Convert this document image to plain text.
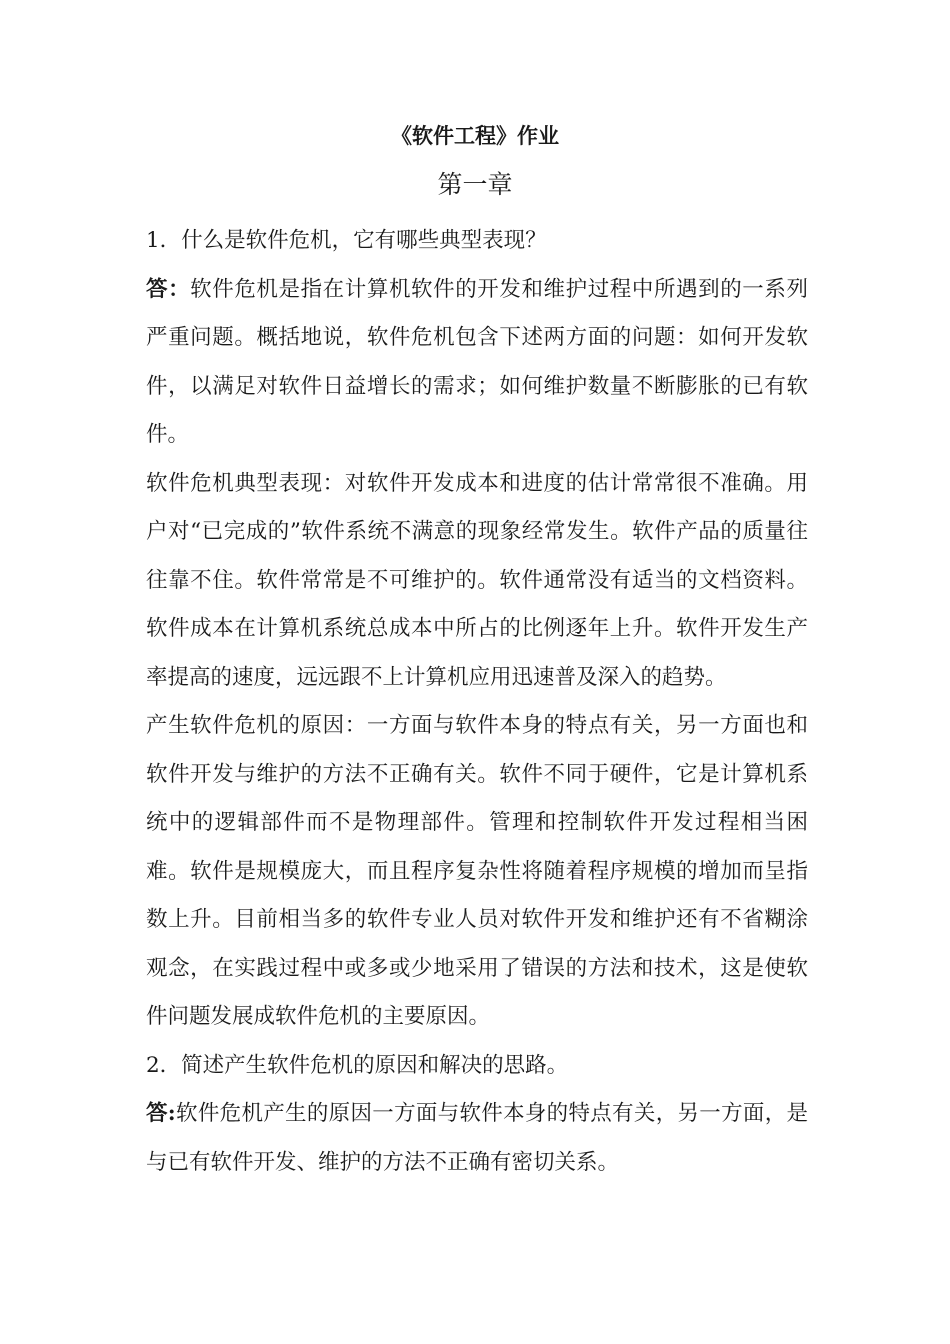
《软件工程》作业
第一章

1．什么是软件危机，它有哪些典型表现？

答：软件危机是指在计算机软件的开发和维护过程中所遇到的一系列严重问题。概括地说，软件危机包含下述两方面的问题：如何开发软件，以满足对软件日益增长的需求；如何维护数量不断膨胀的已有软件。

软件危机典型表现：对软件开发成本和进度的估计常常很不准确。用户对“已完成的”软件系统不满意的现象经常发生。软件产品的质量往往靠不住。软件常常是不可维护的。软件通常没有适当的文档资料。软件成本在计算机系统总成本中所占的比例逐年上升。软件开发生产率提高的速度，远远跟不上计算机应用迅速普及深入的趋势。

产生软件危机的原因：一方面与软件本身的特点有关，另一方面也和软件开发与维护的方法不正确有关。软件不同于硬件，它是计算机系统中的逻辑部件而不是物理部件。管理和控制软件开发过程相当困难。软件是规模庞大，而且程序复杂性将随着程序规模的增加而呈指数上升。目前相当多的软件专业人员对软件开发和维护还有不省糊涂观念，在实践过程中或多或少地采用了错误的方法和技术，这是使软件问题发展成软件危机的主要原因。

2．简述产生软件危机的原因和解决的思路。

答:软件危机产生的原因一方面与软件本身的特点有关，另一方面，是与已有软件开发、维护的方法不正确有密切关系。
